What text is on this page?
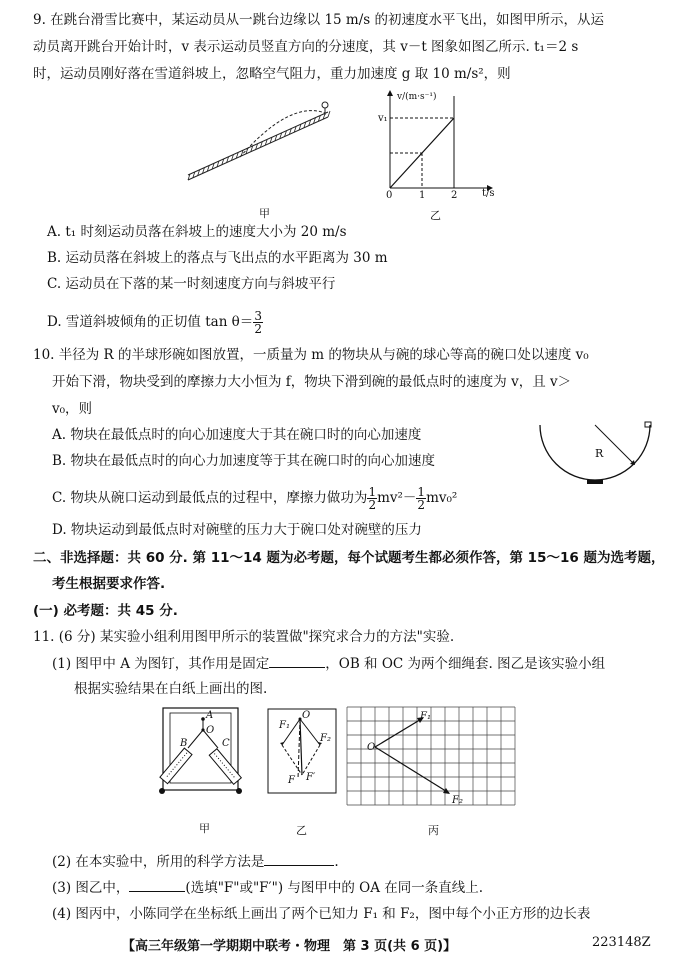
9. 在跳台滑雪比赛中，某运动员从一跳台边缘以 15 m/s 的初速度水平飞出，如图甲所示，从运
动员离开跳台开始计时，v 表示运动员竖直方向的分速度，其 v－t 图象如图乙所示. t₁＝2 s
时，运动员刚好落在雪道斜坡上，忽略空气阻力，重力加速度 g 取 10 m/s²，则
甲
v/(m·s⁻¹)
v₁
t/s
0	1	2
乙
A. t₁ 时刻运动员落在斜坡上的速度大小为 20 m/s
B. 运动员落在斜坡上的落点与飞出点的水平距离为 30 m
C. 运动员在下落的某一时刻速度方向与斜坡平行
D. 雪道斜坡倾角的正切值 $\tan \theta= \frac{3}{2}$
10. 半径为 R 的半球形碗如图放置，一质量为 m 的物块从与碗的球心等高的碗口处以速度 v₀
开始下滑，物块受到的摩擦力大小恒为 f，物块下滑到碗的最低点时的速度为 v，且 v＞
v₀，则
A. 物块在最低点时的向心加速度大于其在碗口时的向心加速度
B. 物块在最低点时的向心力加速度等于其在碗口时的向心加速度
C. 物块从碗口运动到最低点的过程中，摩擦力做功为 $\frac{1}{2} mv^2- \frac{1}{2} mv_0^2$
D. 物块运动到最低点时对碗壁的压力大于碗口处对碗壁的压力
R
二、非选择题：共 60 分. 第 11～14 题为必考题，每个试题考生都必须作答，第 15～16 题为选考题，
考生根据要求作答.
(一) 必考题：共 45 分.
11. (6 分) 某实验小组利用图甲所示的装置做"探究求合力的方法"实验.
(1) 图甲中 A 为图钉，其作用是固定	，OB 和 OC 为两个细绳套. 图乙是该实验小组
根据实验结果在白纸上画出的图.
A
O
B	C
甲
O
F₁
F₂
F F′
乙
O
F₁
F₂
丙
(2) 在本实验中，所用的科学方法是	.
(3) 图乙中，	(选填"F"或"F′") 与图甲中的 OA 在同一条直线上.
(4) 图丙中，小陈同学在坐标纸上画出了两个已知力 F₁ 和 F₂，图中每个小正方形的边长表
【高三年级第一学期期中联考・物理　第 3 页(共 6 页)】	223148Z
